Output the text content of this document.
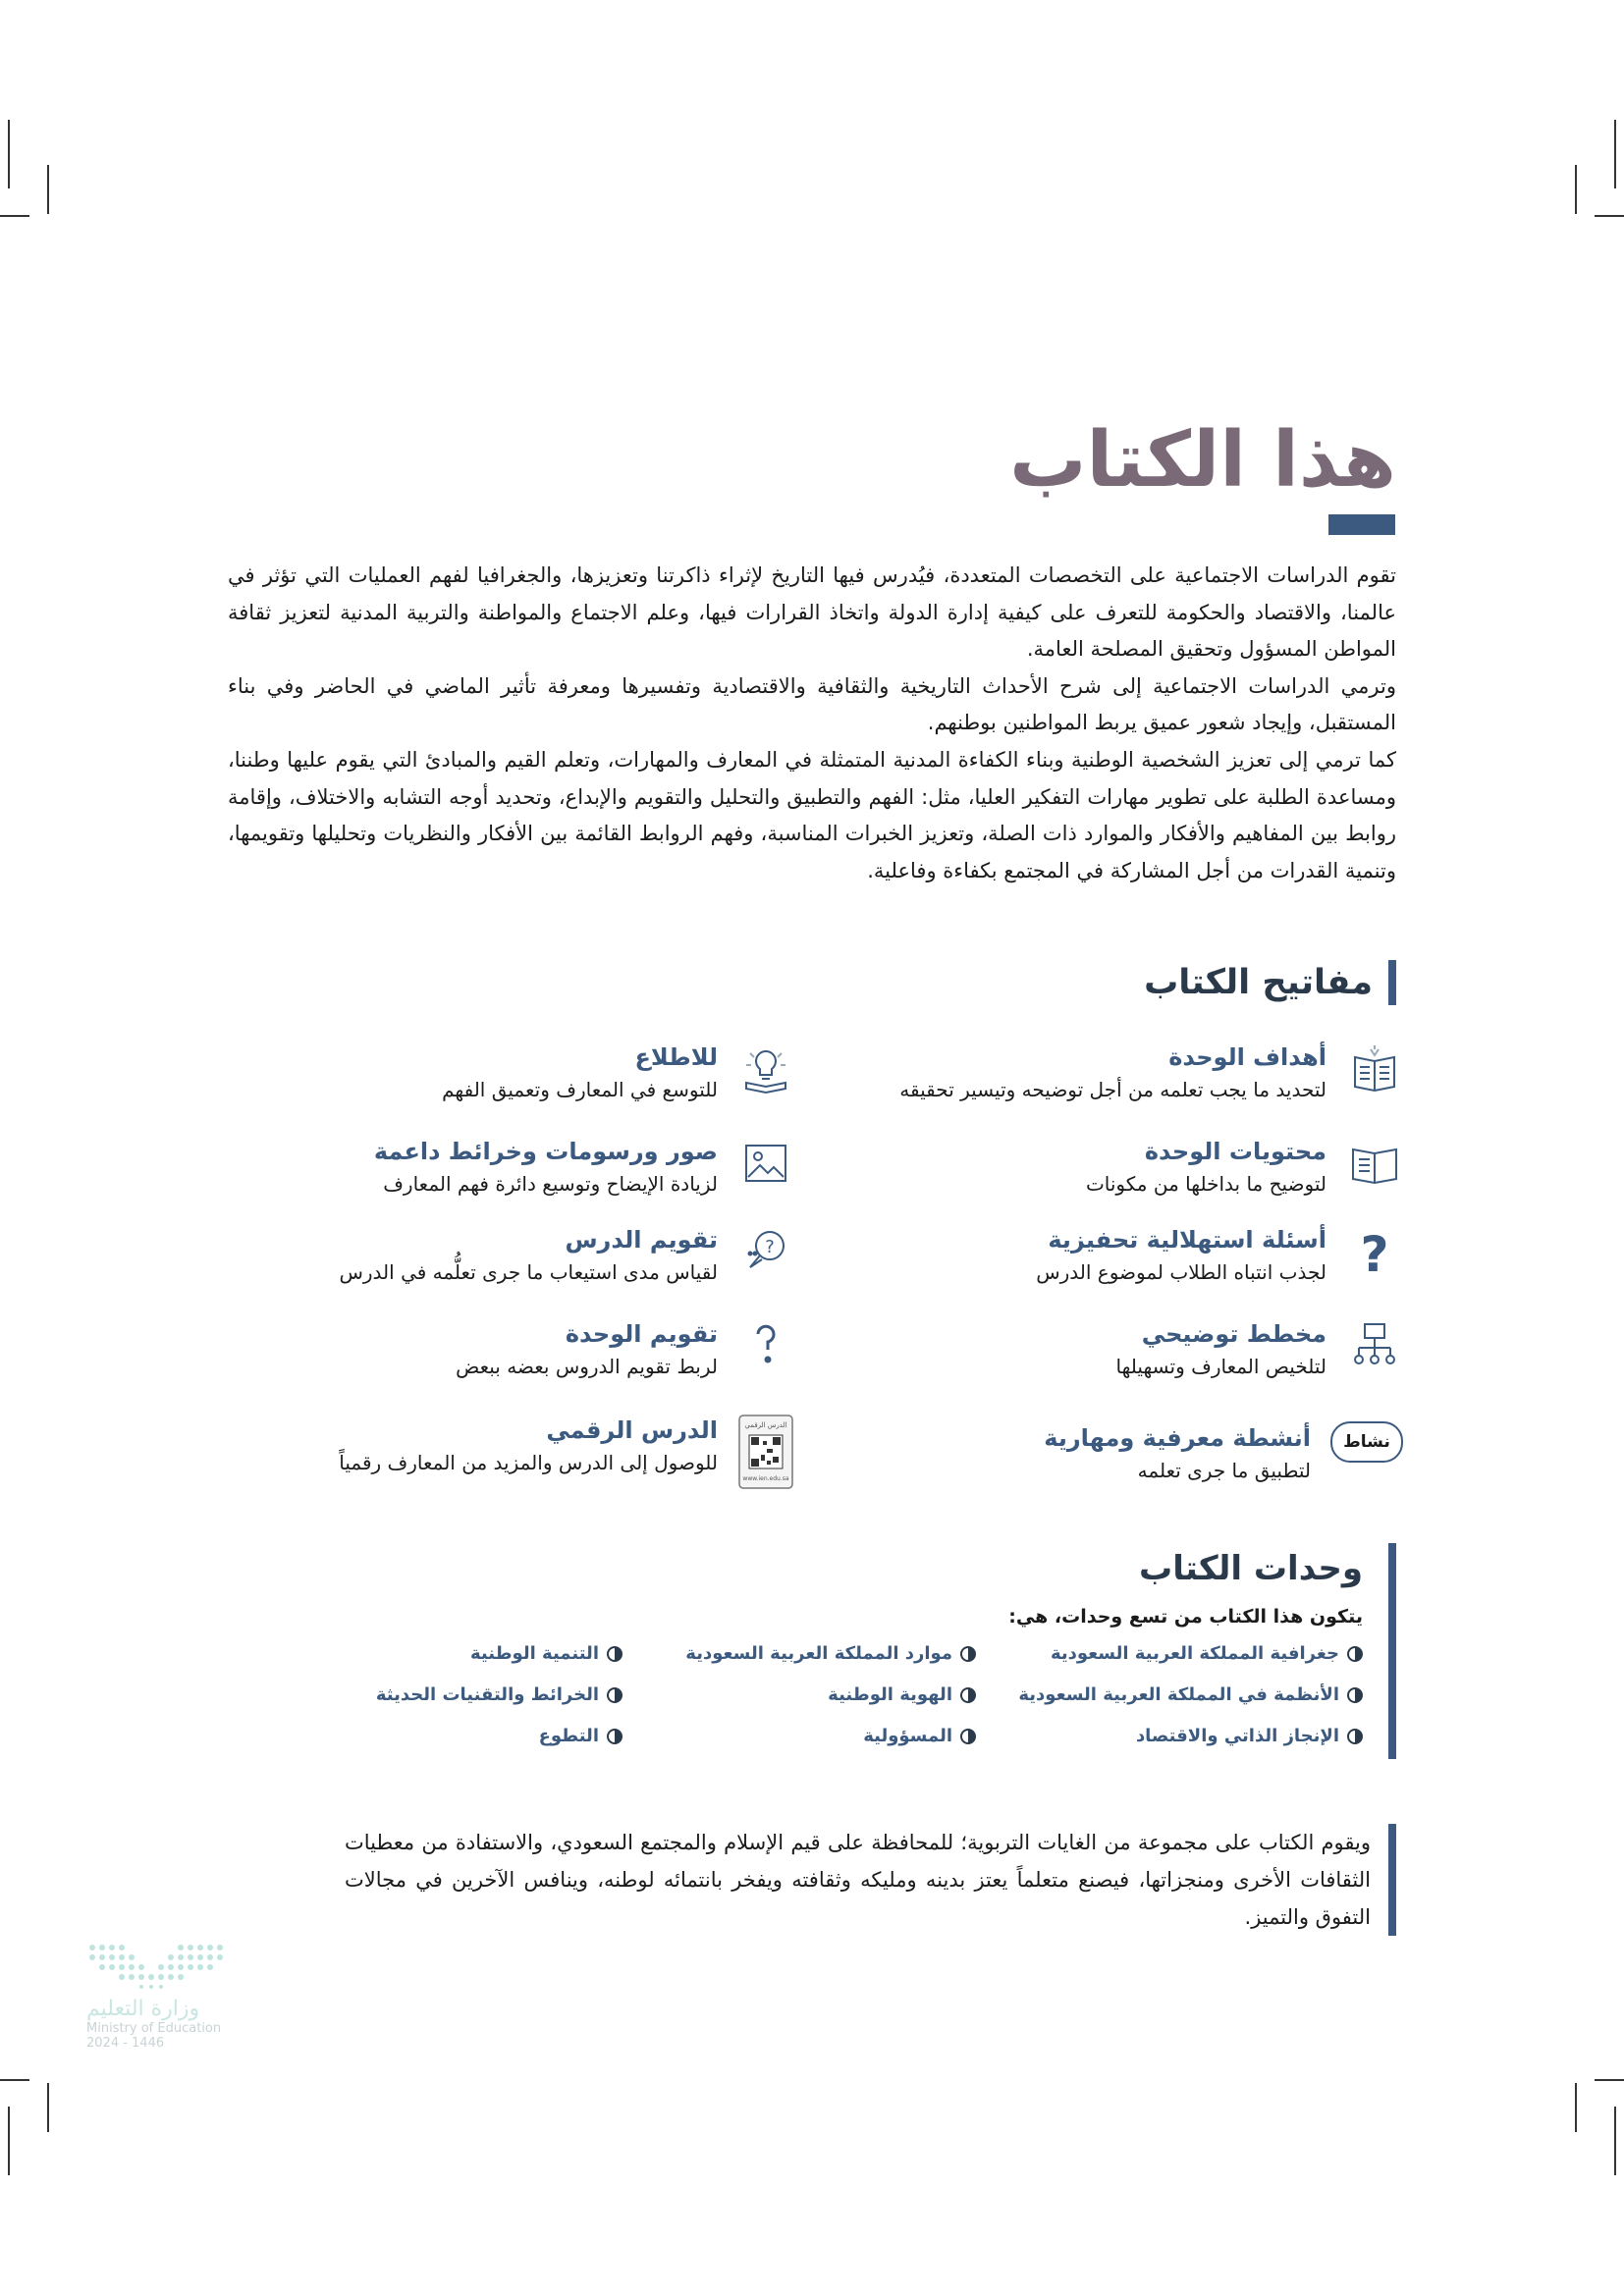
هذا الكتاب

تقوم الدراسات الاجتماعية على التخصصات المتعددة، فيُدرس فيها التاريخ لإثراء ذاكرتنا وتعزيزها، والجغرافيا لفهم العمليات التي تؤثر في عالمنا، والاقتصاد والحكومة للتعرف على كيفية إدارة الدولة واتخاذ القرارات فيها، وعلم الاجتماع والمواطنة والتربية المدنية لتعزيز ثقافة المواطن المسؤول وتحقيق المصلحة العامة.

وترمي الدراسات الاجتماعية إلى شرح الأحداث التاريخية والثقافية والاقتصادية وتفسيرها ومعرفة تأثير الماضي في الحاضر وفي بناء المستقبل، وإيجاد شعور عميق يربط المواطنين بوطنهم.

كما ترمي إلى تعزيز الشخصية الوطنية وبناء الكفاءة المدنية المتمثلة في المعارف والمهارات، وتعلم القيم والمبادئ التي يقوم عليها وطننا، ومساعدة الطلبة على تطوير مهارات التفكير العليا، مثل: الفهم والتطبيق والتحليل والتقويم والإبداع، وتحديد أوجه التشابه والاختلاف، وإقامة روابط بين المفاهيم والأفكار والموارد ذات الصلة، وتعزيز الخبرات المناسبة، وفهم الروابط القائمة بين الأفكار والنظريات وتحليلها وتقويمها، وتنمية القدرات من أجل المشاركة في المجتمع بكفاءة وفاعلية.

مفاتيح الكتاب
أهداف الوحدة
لتحديد ما يجب تعلمه من أجل توضيحه وتيسير تحقيقه
محتويات الوحدة
لتوضيح ما بداخلها من مكونات
?
أسئلة استهلالية تحفيزية
لجذب انتباه الطلاب لموضوع الدرس
مخطط توضيحي
لتلخيص المعارف وتسهيلها
نشاط
أنشطة معرفية ومهارية
لتطبيق ما جرى تعلمه
للاطلاع
للتوسع في المعارف وتعميق الفهم
صور ورسومات وخرائط داعمة
لزيادة الإيضاح وتوسيع دائرة فهم المعارف
?
تقويم الدرس
لقياس مدى استيعاب ما جرى تعلُّمه في الدرس
تقويم الوحدة
لربط تقويم الدروس بعضه ببعض
الدرس الرقمي
www.ien.edu.sa
الدرس الرقمي
للوصول إلى الدرس والمزيد من المعارف رقمياً
وحدات الكتاب
يتكون هذا الكتاب من تسع وحدات، هي:
جغرافية المملكة العربية السعودية
موارد المملكة العربية السعودية
التنمية الوطنية
الأنظمة في المملكة العربية السعودية
الهوية الوطنية
الخرائط والتقنيات الحديثة
الإنجاز الذاتي والاقتصاد
المسؤولية
التطوع
ويقوم الكتاب على مجموعة من الغايات التربوية؛ للمحافظة على قيم الإسلام والمجتمع السعودي، والاستفادة من معطيات الثقافات الأخرى ومنجزاتها، فيصنع متعلماً يعتز بدينه ومليكه وثقافته ويفخر بانتمائه لوطنه، وينافس الآخرين في مجالات التفوق والتميز.
وزارة التعليم
Ministry of Education
2024 - 1446
